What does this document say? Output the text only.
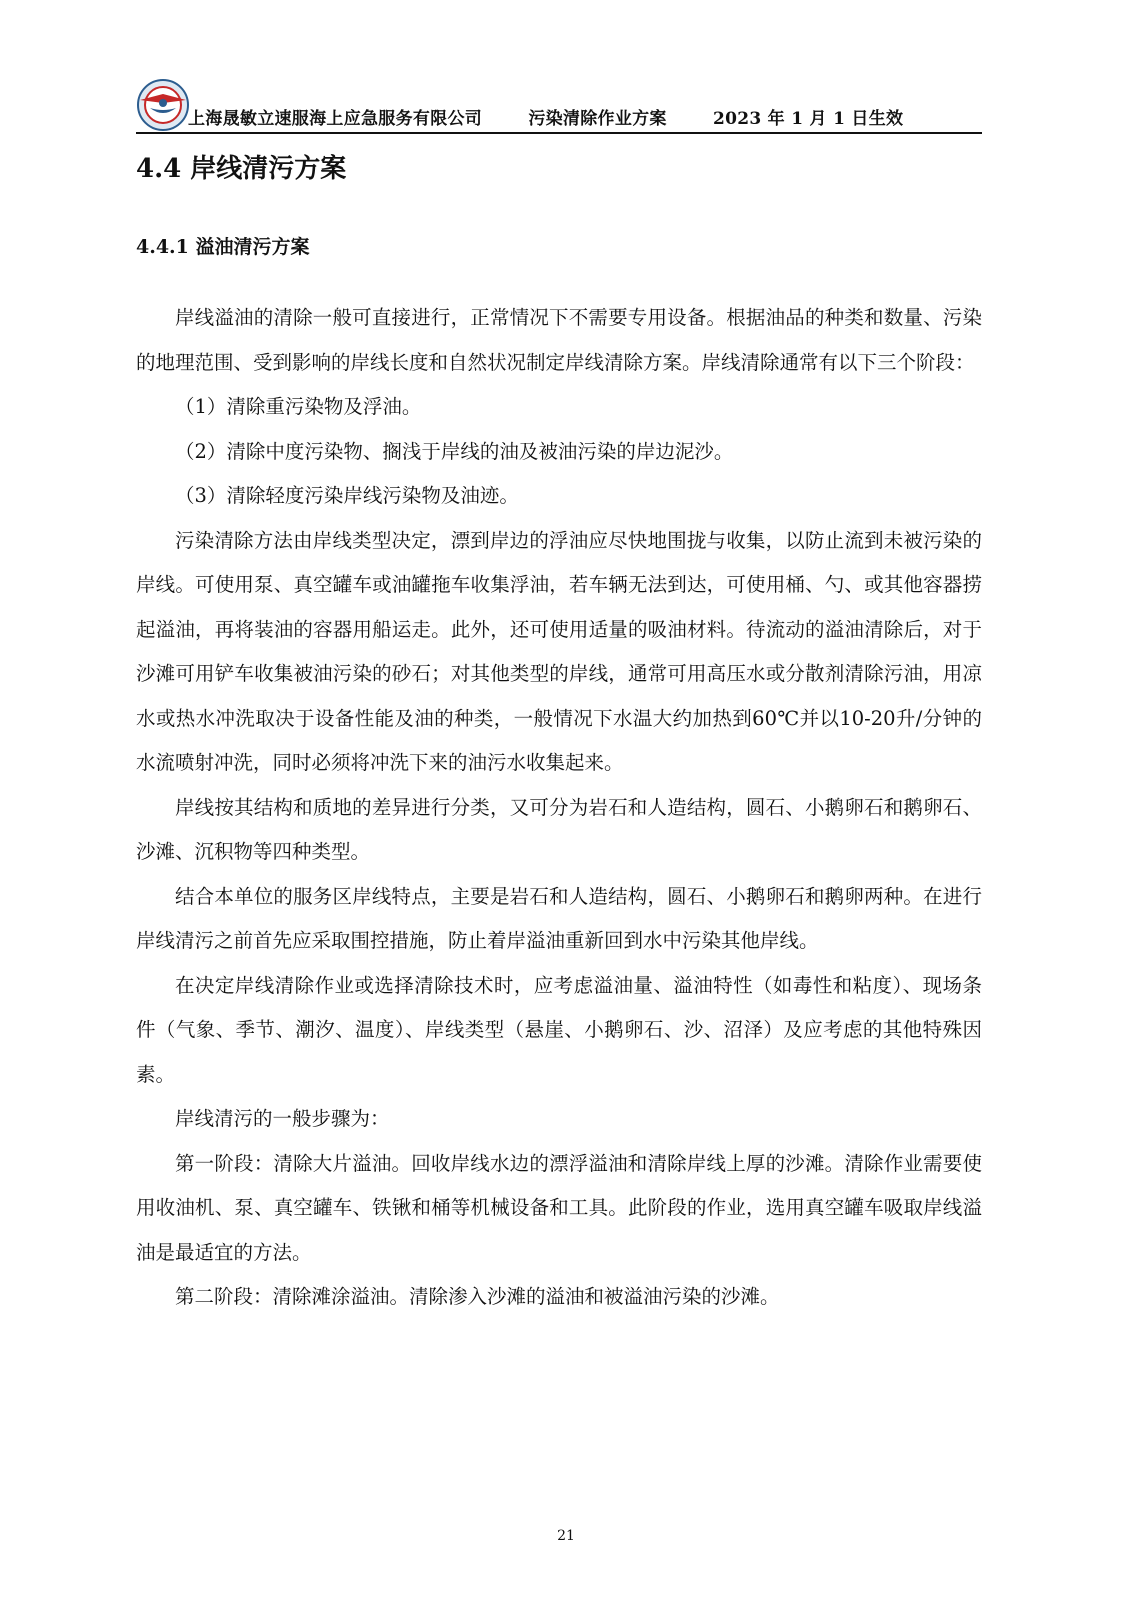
上海晟敏立速服海上应急服务有限公司	污染清除作业方案	2023 年 1 月 1 日生效
4.4 岸线清污方案
4.4.1 溢油清污方案

岸线溢油的清除一般可直接进行，正常情况下不需要专用设备。根据油品的种类和数量、污染的地理范围、受到影响的岸线长度和自然状况制定岸线清除方案。岸线清除通常有以下三个阶段：

（1）清除重污染物及浮油。

（2）清除中度污染物、搁浅于岸线的油及被油污染的岸边泥沙。

（3）清除轻度污染岸线污染物及油迹。

污染清除方法由岸线类型决定，漂到岸边的浮油应尽快地围拢与收集，以防止流到未被污染的岸线。可使用泵、真空罐车或油罐拖车收集浮油，若车辆无法到达，可使用桶、勺、或其他容器捞起溢油，再将装油的容器用船运走。此外，还可使用适量的吸油材料。待流动的溢油清除后，对于沙滩可用铲车收集被油污染的砂石；对其他类型的岸线，通常可用高压水或分散剂清除污油，用凉水或热水冲洗取决于设备性能及油的种类，一般情况下水温大约加热到60℃并以10-20升/分钟的水流喷射冲洗，同时必须将冲洗下来的油污水收集起来。

岸线按其结构和质地的差异进行分类，又可分为岩石和人造结构，圆石、小鹅卵石和鹅卵石、沙滩、沉积物等四种类型。

结合本单位的服务区岸线特点，主要是岩石和人造结构，圆石、小鹅卵石和鹅卵两种。在进行岸线清污之前首先应采取围控措施，防止着岸溢油重新回到水中污染其他岸线。

在决定岸线清除作业或选择清除技术时，应考虑溢油量、溢油特性（如毒性和粘度）、现场条件（气象、季节、潮汐、温度）、岸线类型（悬崖、小鹅卵石、沙、沼泽）及应考虑的其他特殊因素。

岸线清污的一般步骤为：

第一阶段：清除大片溢油。回收岸线水边的漂浮溢油和清除岸线上厚的沙滩。清除作业需要使用收油机、泵、真空罐车、铁锹和桶等机械设备和工具。此阶段的作业，选用真空罐车吸取岸线溢油是最适宜的方法。

第二阶段：清除滩涂溢油。清除渗入沙滩的溢油和被溢油污染的沙滩。

21
